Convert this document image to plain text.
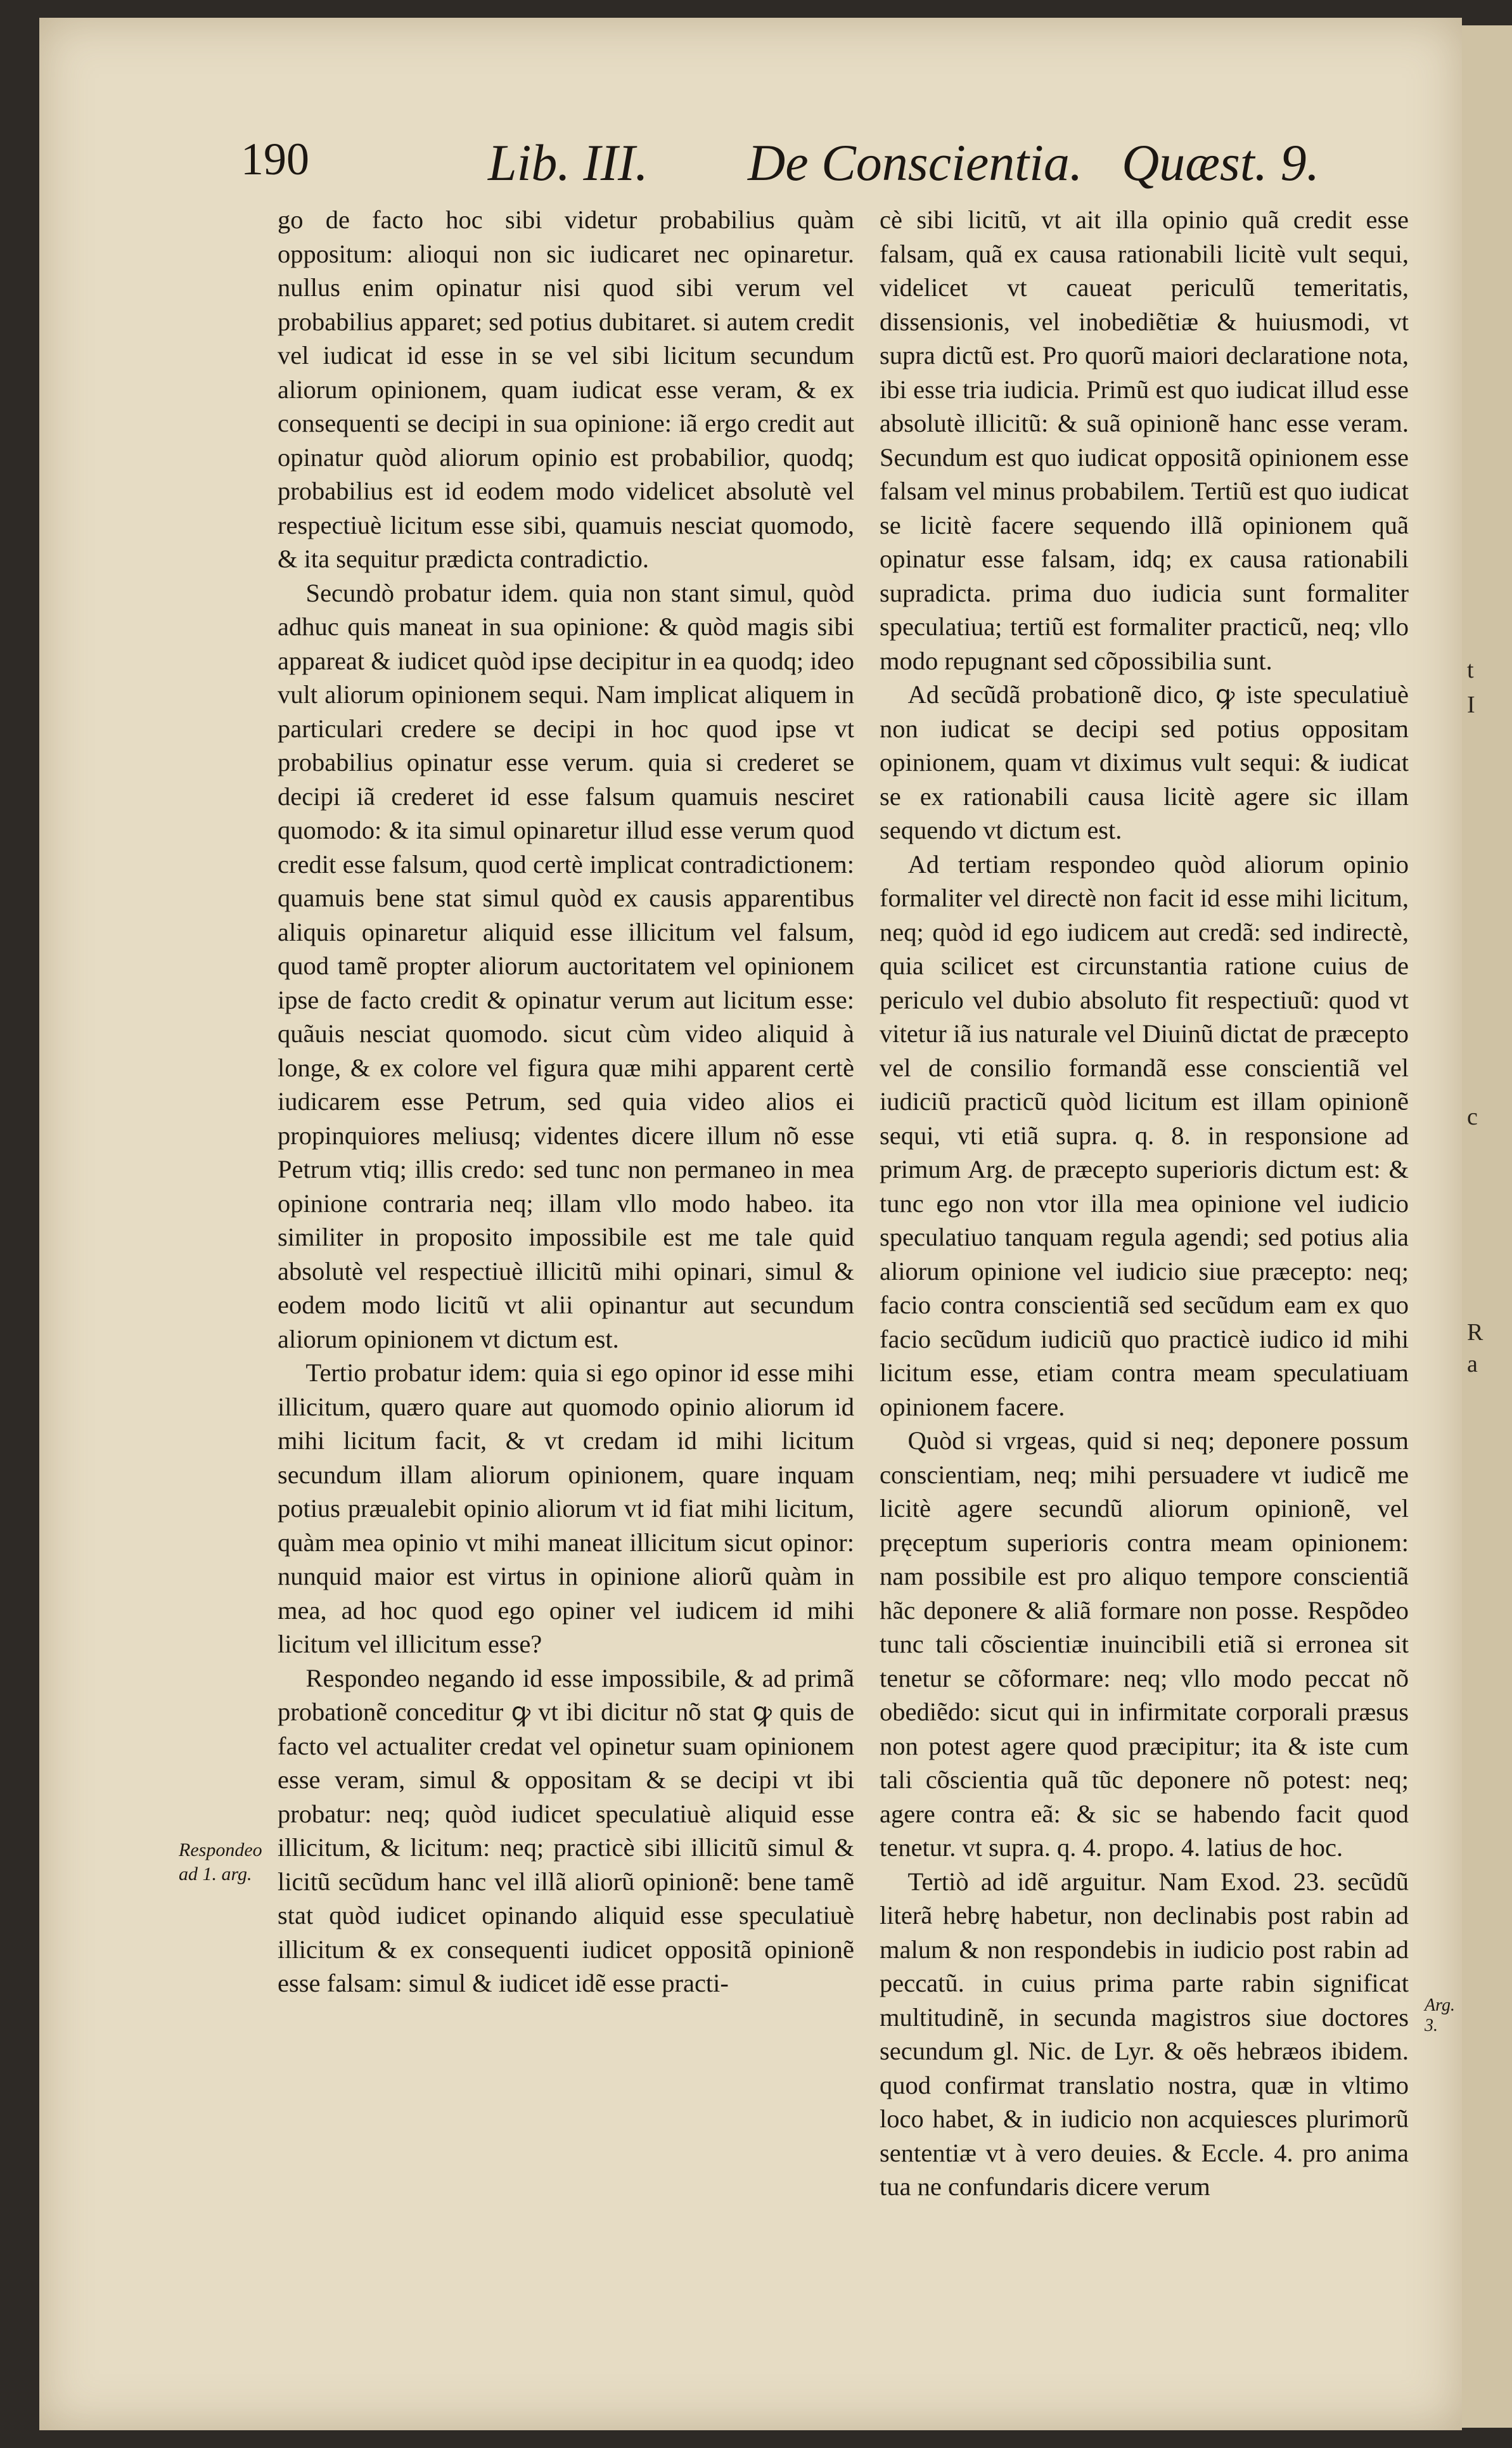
t
I
c
R
a
190	Lib. III. De Conscientia. Quæst. 9.

go de facto hoc sibi videtur probabilius quàm oppositum: alioqui non sic iudicaret nec opinaretur. nullus enim opinatur nisi quod sibi verum vel probabilius apparet; sed potius dubitaret. si autem credit vel iudicat id esse in se vel sibi licitum secundum aliorum opinionem, quam iudicat esse veram, & ex consequenti se decipi in sua opinione: iã ergo credit aut opinatur quòd aliorum opinio est probabilior, quodq; probabilius est id eodem modo videlicet absolutè vel respectiuè licitum esse sibi, quamuis nesciat quomodo, & ita sequitur prædicta contradictio.

Secundò probatur idem. quia non stant simul, quòd adhuc quis maneat in sua opinione: & quòd magis sibi appareat & iudicet quòd ipse decipitur in ea quodq; ideo vult aliorum opinionem sequi. Nam implicat aliquem in particulari credere se decipi in hoc quod ipse vt probabilius opinatur esse verum. quia si crederet se decipi iã crederet id esse falsum quamuis nesciret quomodo: & ita simul opinaretur illud esse verum quod credit esse falsum, quod certè implicat contradictionem: quamuis bene stat simul quòd ex causis apparentibus aliquis opinaretur aliquid esse illicitum vel falsum, quod tamẽ propter aliorum auctoritatem vel opinionem ipse de facto credit & opinatur verum aut licitum esse: quãuis nesciat quomodo. sicut cùm video aliquid à longe, & ex colore vel figura quæ mihi apparent certè iudicarem esse Petrum, sed quia video alios ei propinquiores meliusq; videntes dicere illum nõ esse Petrum vtiq; illis credo: sed tunc non permaneo in mea opinione contraria neq; illam vllo modo habeo. ita similiter in proposito impossibile est me tale quid absolutè vel respectiuè illicitũ mihi opinari, simul & eodem modo licitũ vt alii opinantur aut secundum aliorum opinionem vt dictum est.

Tertio probatur idem: quia si ego opinor id esse mihi illicitum, quæro quare aut quomodo opinio aliorum id mihi licitum facit, & vt credam id mihi licitum secundum illam aliorum opinionem, quare inquam potius præualebit opinio aliorum vt id fiat mihi licitum, quàm mea opinio vt mihi maneat illicitum sicut opinor: nunquid maior est virtus in opinione aliorũ quàm in mea, ad hoc quod ego opiner vel iudicem id mihi licitum vel illicitum esse?

Respondeo negando id esse impossibile, & ad primã probationẽ conceditur ꝙ vt ibi dicitur nõ stat ꝙ quis de facto vel actualiter credat vel opinetur suam opinionem esse veram, simul & oppositam & se decipi vt ibi probatur: neq; quòd iudicet speculatiuè aliquid esse illicitum, & licitum: neq; practicè sibi illicitũ simul & licitũ secũdum hanc vel illã aliorũ opinionẽ: bene tamẽ stat quòd iudicet opinando aliquid esse speculatiuè illicitum & ex consequenti iudicet oppositã opinionẽ esse falsam: simul & iudicet idẽ esse practi-

Respondeo ad 1. arg.

cè sibi licitũ, vt ait illa opinio quã credit esse falsam, quã ex causa rationabili licitè vult sequi, videlicet vt caueat periculũ temeritatis, dissensionis, vel inobediẽtiæ & huiusmodi, vt supra dictũ est. Pro quorũ maiori declaratione nota, ibi esse tria iudicia. Primũ est quo iudicat illud esse absolutè illicitũ: & suã opinionẽ hanc esse veram. Secundum est quo iudicat oppositã opinionem esse falsam vel minus probabilem. Tertiũ est quo iudicat se licitè facere sequendo illã opinionem quã opinatur esse falsam, idq; ex causa rationabili supradicta. prima duo iudicia sunt formaliter speculatiua; tertiũ est formaliter practicũ, neq; vllo modo repugnant sed cõpossibilia sunt.

Ad secũdã probationẽ dico, ꝙ iste speculatiuè non iudicat se decipi sed potius oppositam opinionem, quam vt diximus vult sequi: & iudicat se ex rationabili causa licitè agere sic illam sequendo vt dictum est.

Ad tertiam respondeo quòd aliorum opinio formaliter vel directè non facit id esse mihi licitum, neq; quòd id ego iudicem aut credã: sed indirectè, quia scilicet est circunstantia ratione cuius de periculo vel dubio absoluto fit respectiuũ: quod vt vitetur iã ius naturale vel Diuinũ dictat de præcepto vel de consilio formandã esse conscientiã vel iudiciũ practicũ quòd licitum est illam opinionẽ sequi, vti etiã supra. q. 8. in responsione ad primum Arg. de præcepto superioris dictum est: & tunc ego non vtor illa mea opinione vel iudicio speculatiuo tanquam regula agendi; sed potius alia aliorum opinione vel iudicio siue præcepto: neq; facio contra conscientiã sed secũdum eam ex quo facio secũdum iudiciũ quo practicè iudico id mihi licitum esse, etiam contra meam speculatiuam opinionem facere.

Quòd si vrgeas, quid si neq; deponere possum conscientiam, neq; mihi persuadere vt iudicẽ me licitè agere secundũ aliorum opinionẽ, vel pręceptum superioris contra meam opinionem: nam possibile est pro aliquo tempore conscientiã hãc deponere & aliã formare non posse. Respõdeo tunc tali cõscientiæ inuincibili etiã si erronea sit tenetur se cõformare: neq; vllo modo peccat nõ obediẽdo: sicut qui in infirmitate corporali præsus non potest agere quod præcipitur; ita & iste cum tali cõscientia quã tũc deponere nõ potest: neq; agere contra eã: & sic se habendo facit quod tenetur. vt supra. q. 4. propo. 4. latius de hoc.

Tertiò ad idẽ arguitur. Nam Exod. 23. secũdũ literã hebrę habetur, non declinabis post rabin ad malum & non respondebis in iudicio post rabin ad peccatũ. in cuius prima parte rabin significat multitudinẽ, in secunda magistros siue doctores secundum gl. Nic. de Lyr. & oẽs hebræos ibidem. quod confirmat translatio nostra, quæ in vltimo loco habet, & in iudicio non acquiesces plurimorũ sententiæ vt à vero deuies. & Eccle. 4. pro anima tua ne confundaris dicere verum

Arg. 3.
